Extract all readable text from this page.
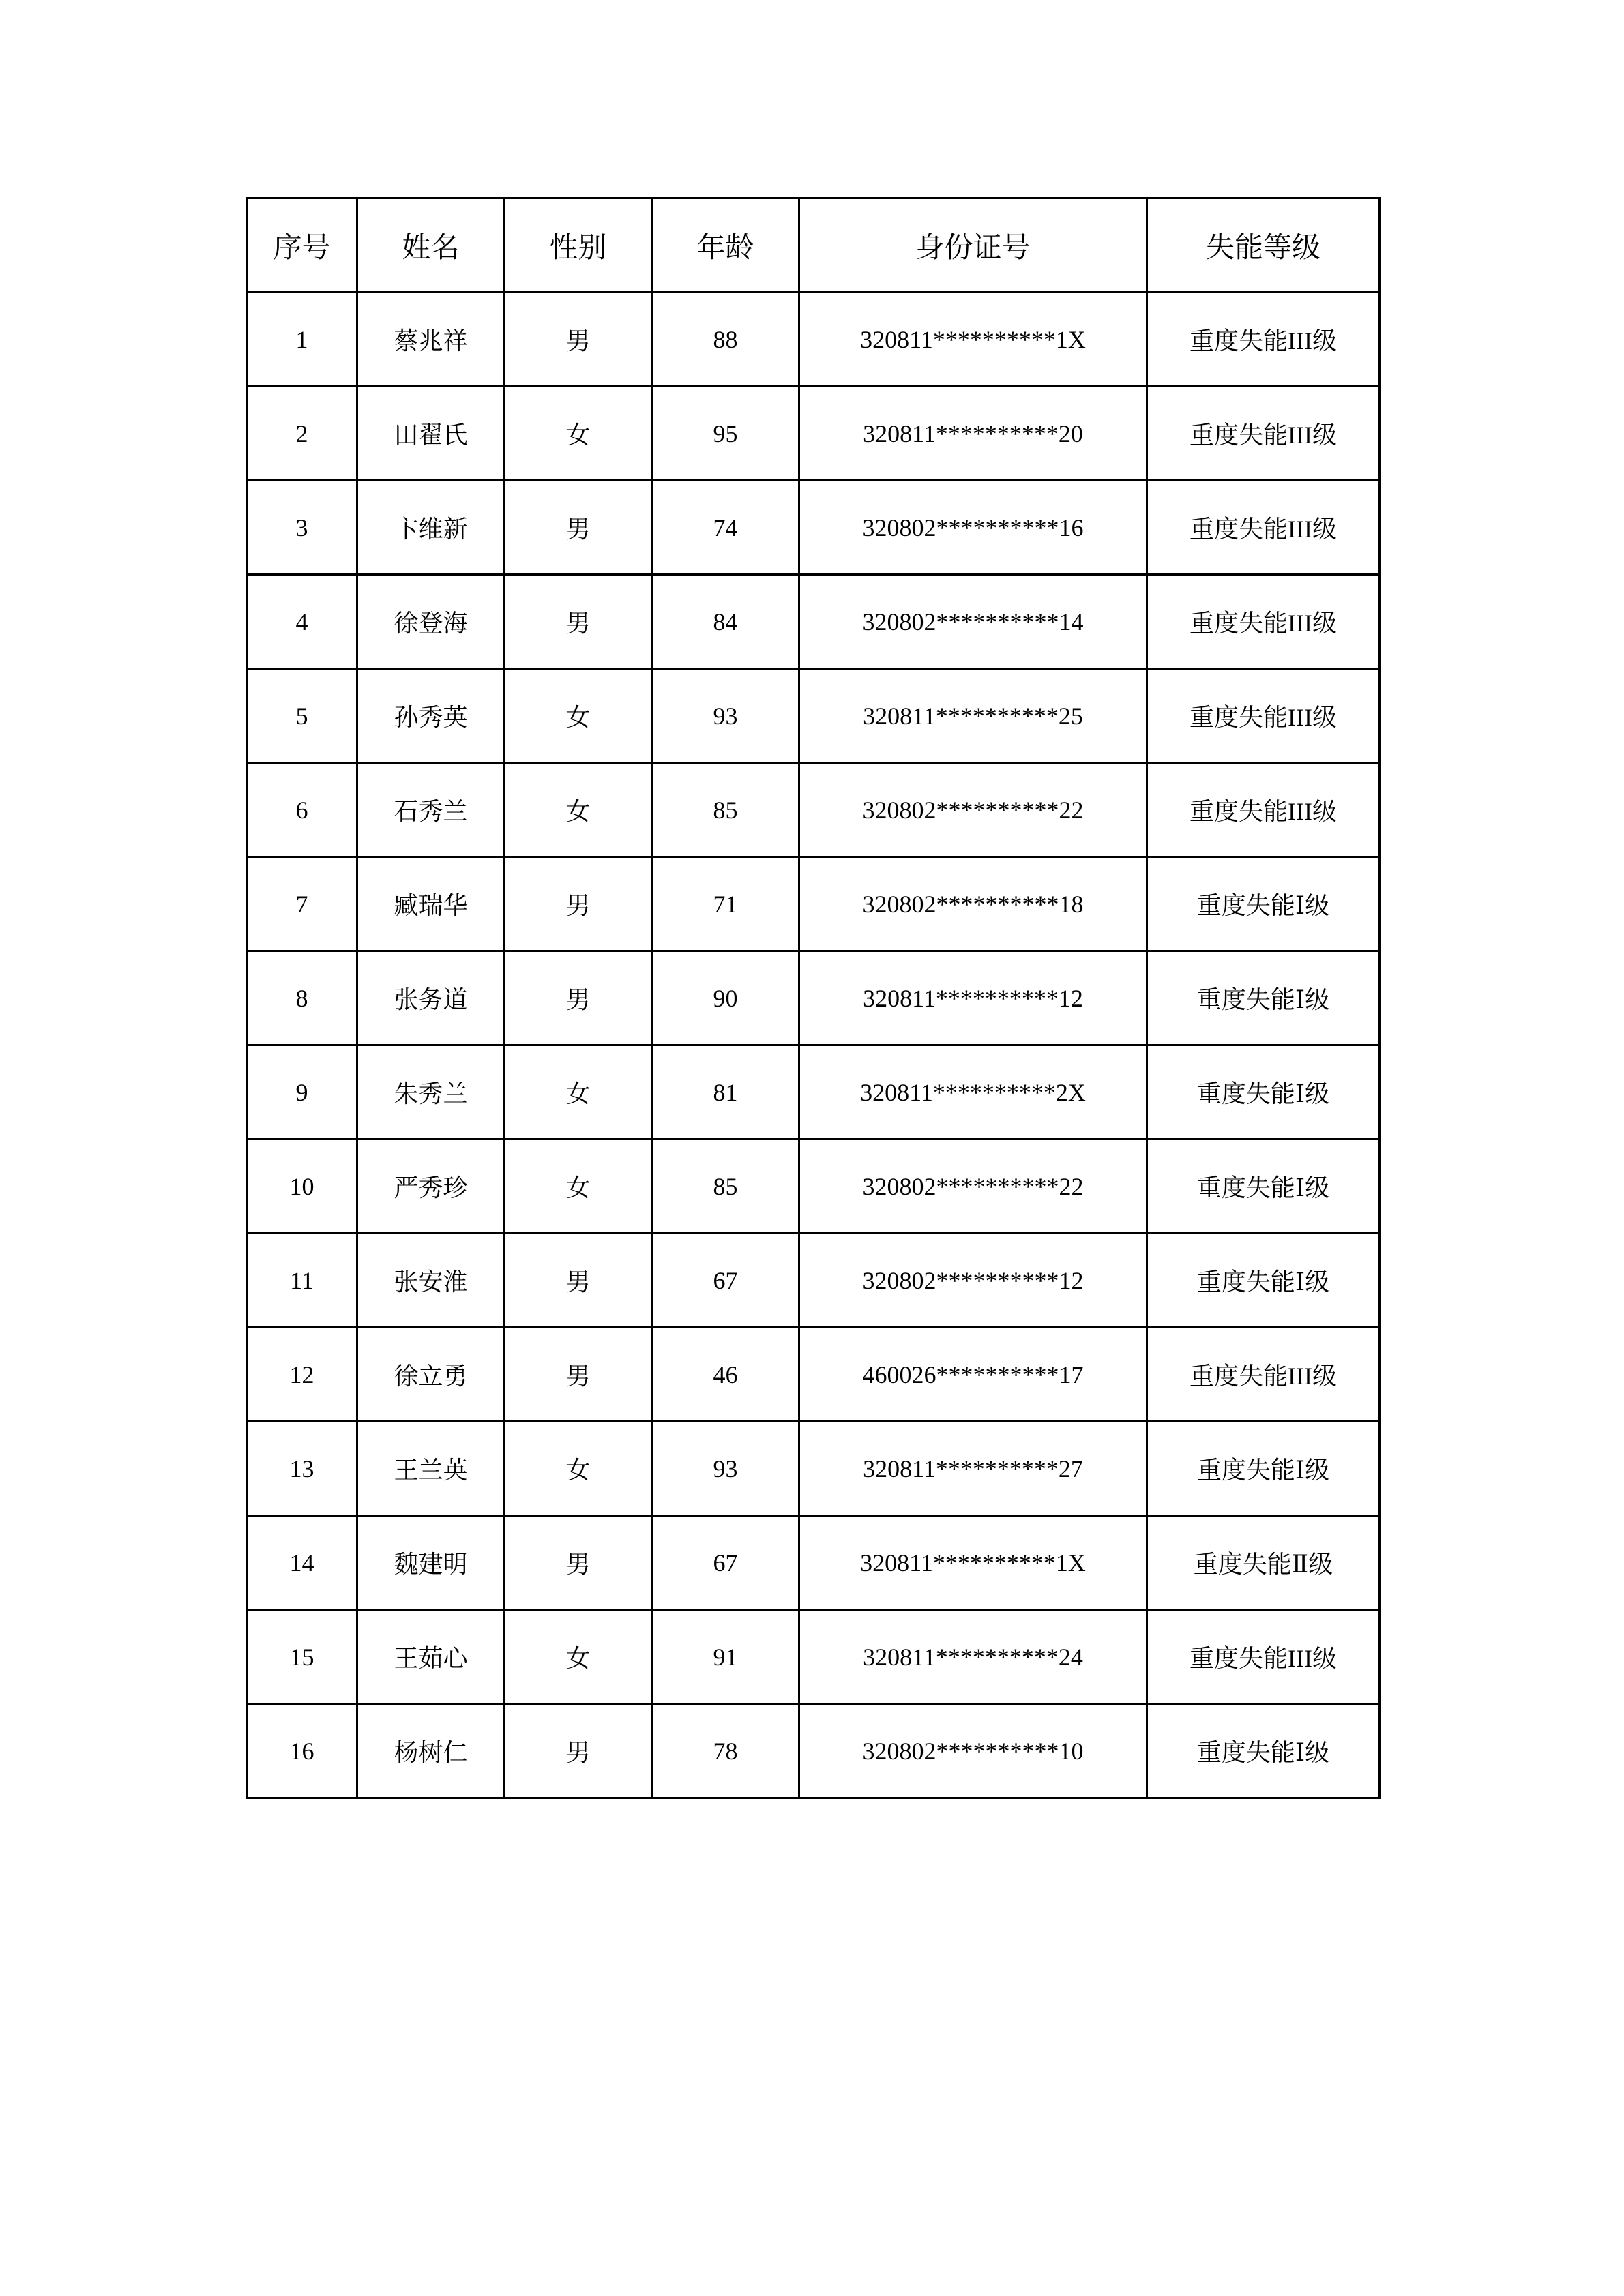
序号	姓名	性别	年龄	身份证号	失能等级
1	蔡兆祥	男	88	320811**********1X	重度失能III级
2	田翟氏	女	95	320811**********20	重度失能III级
3	卞维新	男	74	320802**********16	重度失能III级
4	徐登海	男	84	320802**********14	重度失能III级
5	孙秀英	女	93	320811**********25	重度失能III级
6	石秀兰	女	85	320802**********22	重度失能III级
7	臧瑞华	男	71	320802**********18	重度失能Ⅰ级
8	张务道	男	90	320811**********12	重度失能Ⅰ级
9	朱秀兰	女	81	320811**********2X	重度失能Ⅰ级
10	严秀珍	女	85	320802**********22	重度失能Ⅰ级
11	张安淮	男	67	320802**********12	重度失能Ⅰ级
12	徐立勇	男	46	460026**********17	重度失能III级
13	王兰英	女	93	320811**********27	重度失能Ⅰ级
14	魏建明	男	67	320811**********1X	重度失能Ⅱ级
15	王茹心	女	91	320811**********24	重度失能III级
16	杨树仁	男	78	320802**********10	重度失能Ⅰ级
